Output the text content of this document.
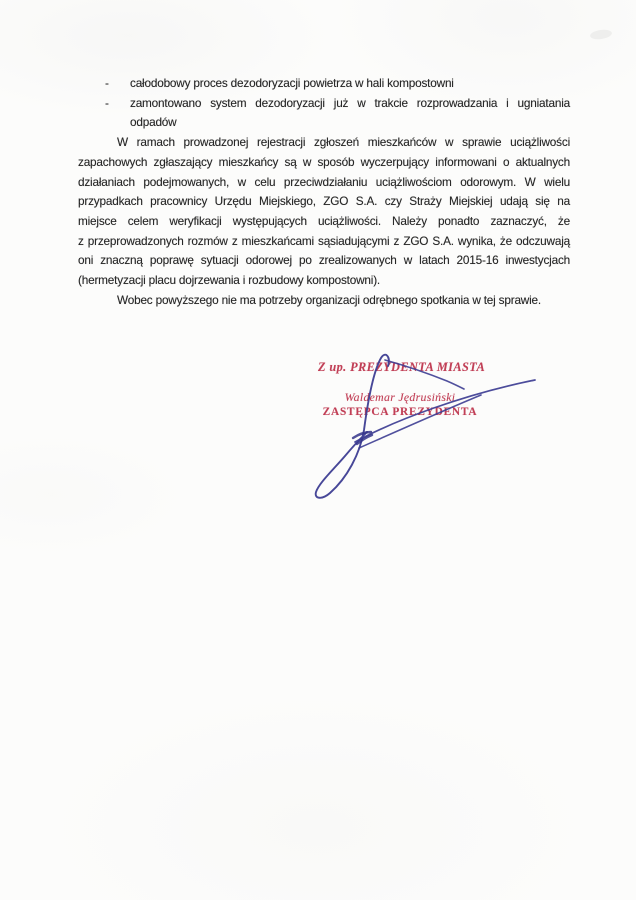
- całodobowy proces dezodoryzacji powietrza w hali kompostowni
- zamontowano system dezodoryzacji już w trakcie rozprowadzania i ugniatania
odpadów
W ramach prowadzonej rejestracji zgłoszeń mieszkańców w sprawie uciążliwości
zapachowych zgłaszający mieszkańcy są w sposób wyczerpujący informowani o aktualnych
działaniach podejmowanych, w celu przeciwdziałaniu uciążliwościom odorowym. W wielu
przypadkach pracownicy Urzędu Miejskiego, ZGO S.A. czy Straży Miejskiej udają się na
miejsce celem weryfikacji występujących uciążliwości. Należy ponadto zaznaczyć, że
z przeprowadzonych rozmów z mieszkańcami sąsiadującymi z ZGO S.A. wynika, że odczuwają
oni znaczną poprawę sytuacji odorowej po zrealizowanych w latach 2015-16 inwestycjach
(hermetyzacji placu dojrzewania i rozbudowy kompostowni).
Wobec powyższego nie ma potrzeby organizacji odrębnego spotkania w tej sprawie.
Z up. PREZYDENTA MIASTA
Waldemar Jędrusiński
ZASTĘPCA PREZYDENTA
